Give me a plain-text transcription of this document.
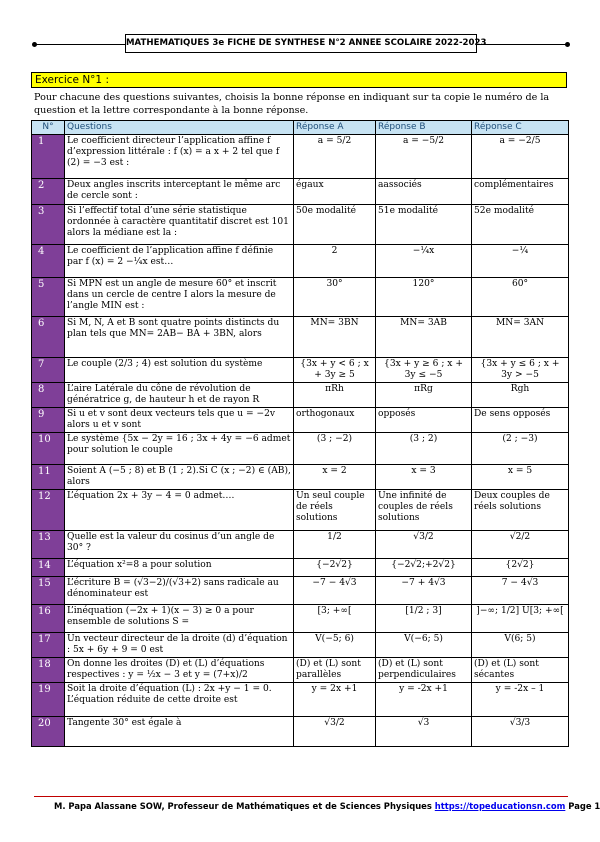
MATHEMATIQUES 3e FICHE DE SYNTHESE N°2 ANNEE SCOLAIRE 2022-2023
Exercice N°1 :
Pour chacune des questions suivantes, choisis la bonne réponse en indiquant sur ta copie le numéro de la question et la lettre correspondante à la bonne réponse.
N°	Questions	Réponse A	Réponse B	Réponse C
1	Le coefficient directeur l’application affine f d’expression littérale : f (x) = a x + 2 tel que f (2) = −3 est :	a = 5/2	a = −5/2	a = −2/5
2	Deux angles inscrits interceptant le même arc de cercle sont :	égaux	aassociés	complémentaires
3	Si l’effectif total d’une série statistique ordonnée à caractère quantitatif discret est 101 alors la médiane est la :	50e modalité	51e modalité	52e modalité
4	Le coefficient de l’application affine f définie par f (x) = 2 −¼x est…	2	−¼x	−¼
5	Si MPN est un angle de mesure 60° et inscrit dans un cercle de centre I alors la mesure de l’angle MIN est :	30°	120°	60°
6	Si M, N, A et B sont quatre points distincts du plan tels que MN= 2AB− BA + 3BN, alors	MN= 3BN	MN= 3AB	MN= 3AN
7	Le couple (2/3 ; 4) est solution du système	{3x + y < 6 ; x + 3y ≥ 5	{3x + y ≥ 6 ; x + 3y ≤ −5	{3x + y ≤ 6 ; x + 3y > −5
8	L’aire Latérale du cône de révolution de génératrice g, de hauteur h et de rayon R	πRh	πRg	Rgh
9	Si u et v sont deux vecteurs tels que u = −2v alors u et v sont	orthogonaux	opposés	De sens opposés
10	Le système {5x − 2y = 16 ; 3x + 4y = −6 admet pour solution le couple	(3 ; −2)	(3 ; 2)	(2 ; −3)
11	Soient A (−5 ; 8) et B (1 ; 2).Si C (x ; −2) ∈ (AB), alors	x = 2	x = 3	x = 5
12	L’équation 2x + 3y − 4 = 0 admet….	Un seul couple de réels solutions	Une infinité de couples de réels solutions	Deux couples de réels solutions
13	Quelle est la valeur du cosinus d’un angle de 30° ?	1/2	√3/2	√2/2
14	L’équation x²=8 a pour solution	{−2√2}	{−2√2;+2√2}	{2√2}
15	L’écriture B = (√3−2)/(√3+2) sans radicale au dénominateur est	−7 − 4√3	−7 + 4√3	7 − 4√3
16	L’inéquation (−2x + 1)(x − 3) ≥ 0 a pour ensemble de solutions S =	[3; +∞[	[1/2 ; 3]	]−∞; 1/2] U[3; +∞[
17	Un vecteur directeur de la droite (d) d’équation : 5x + 6y + 9 = 0 est	V(−5; 6)	V(−6; 5)	V(6; 5)
18	On donne les droites (D) et (L) d’équations respectives : y = ½x − 3 et y = (7+x)/2	(D) et (L) sont parallèles	(D) et (L) sont perpendiculaires	(D) et (L) sont sécantes
19	Soit la droite d’équation (L) : 2x +y − 1 = 0. L’équation réduite de cette droite est	y = 2x +1	y = -2x +1	y = -2x – 1
20	Tangente 30° est égale à	√3/2	√3	√3/3
M. Papa Alassane SOW, Professeur de Mathématiques et de Sciences Physiques https://topeducationsn.com Page 1
